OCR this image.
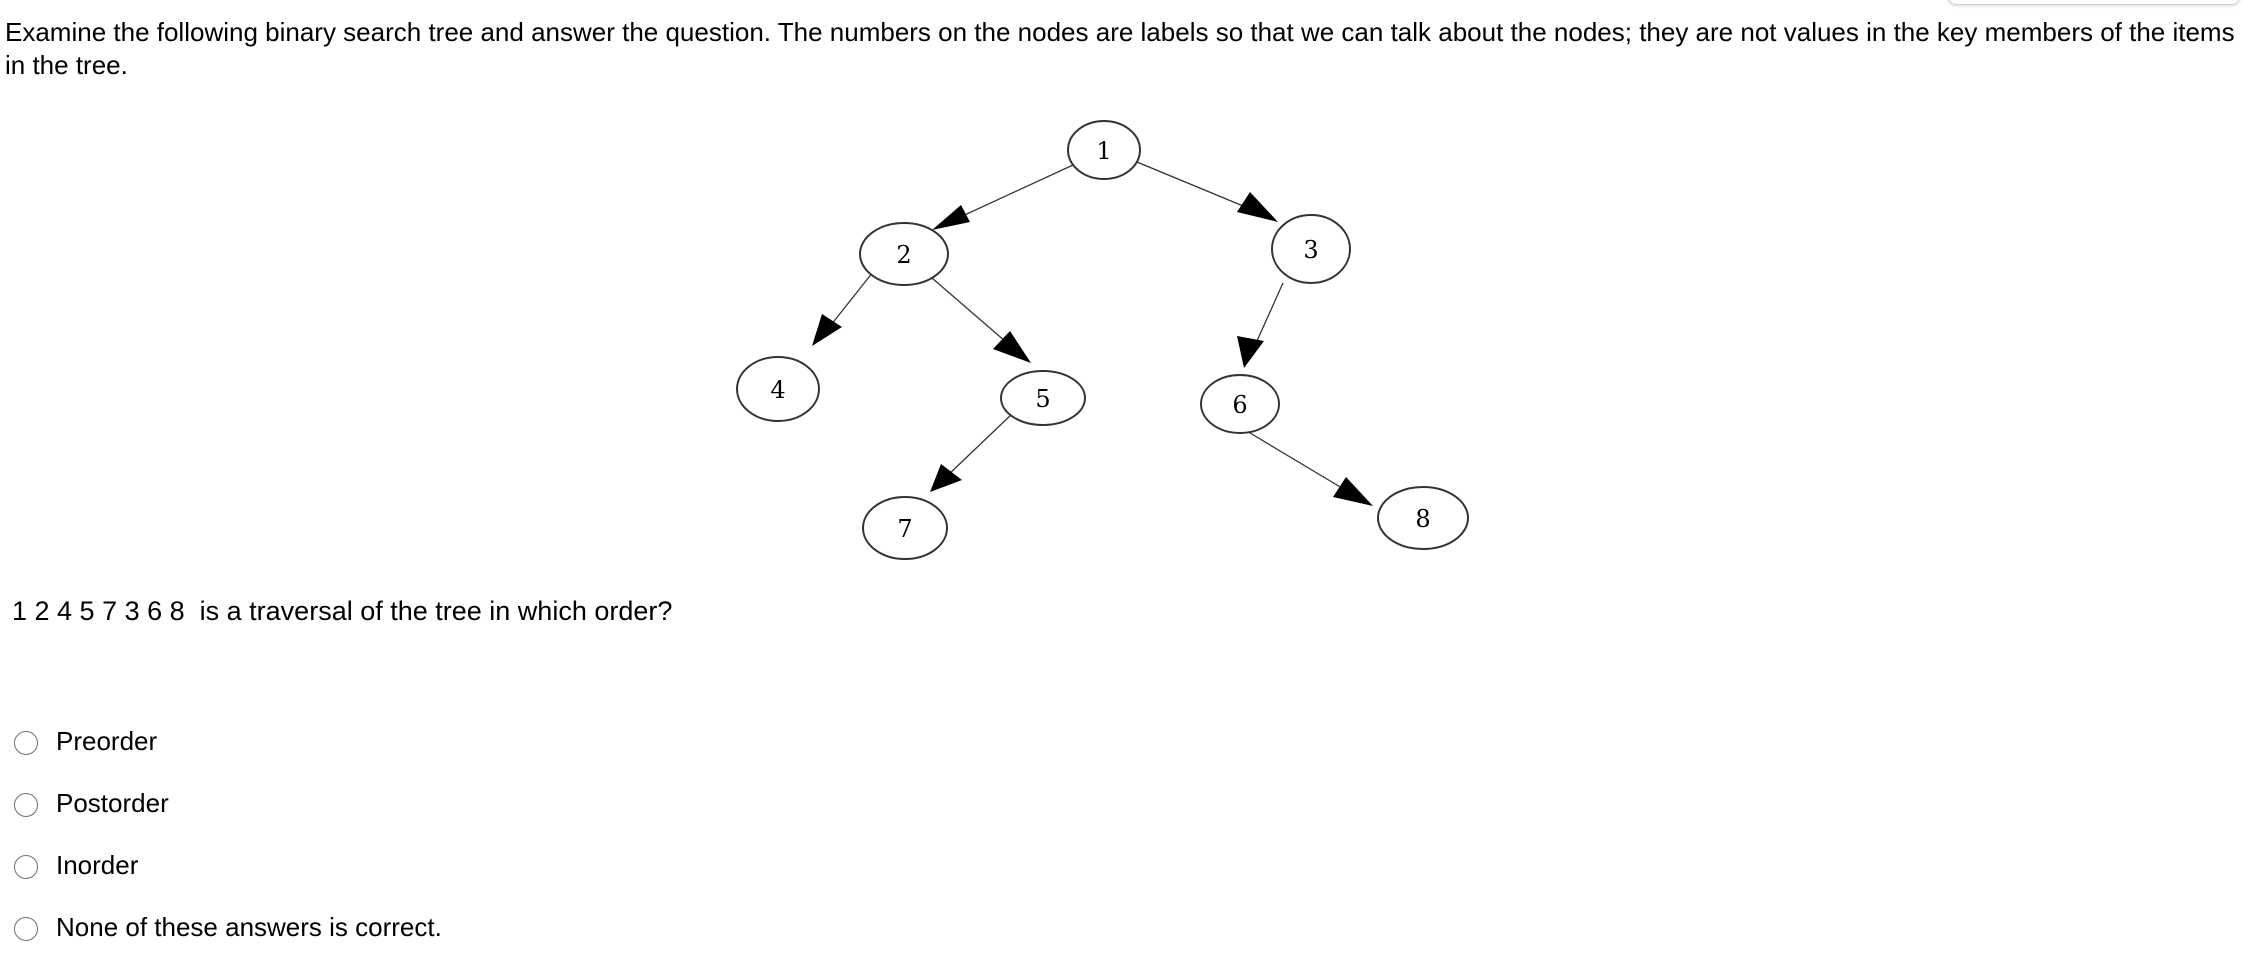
Examine the following binary search tree and answer the question. The numbers on the nodes are labels so that we can talk about the nodes; they are not values in the key members of the items in the tree.

1
2	3
4	5	6
7	8
1 2 4 5 7 3 6 8 is a traversal of the tree in which order?
Preorder
Postorder
Inorder
None of these answers is correct.
